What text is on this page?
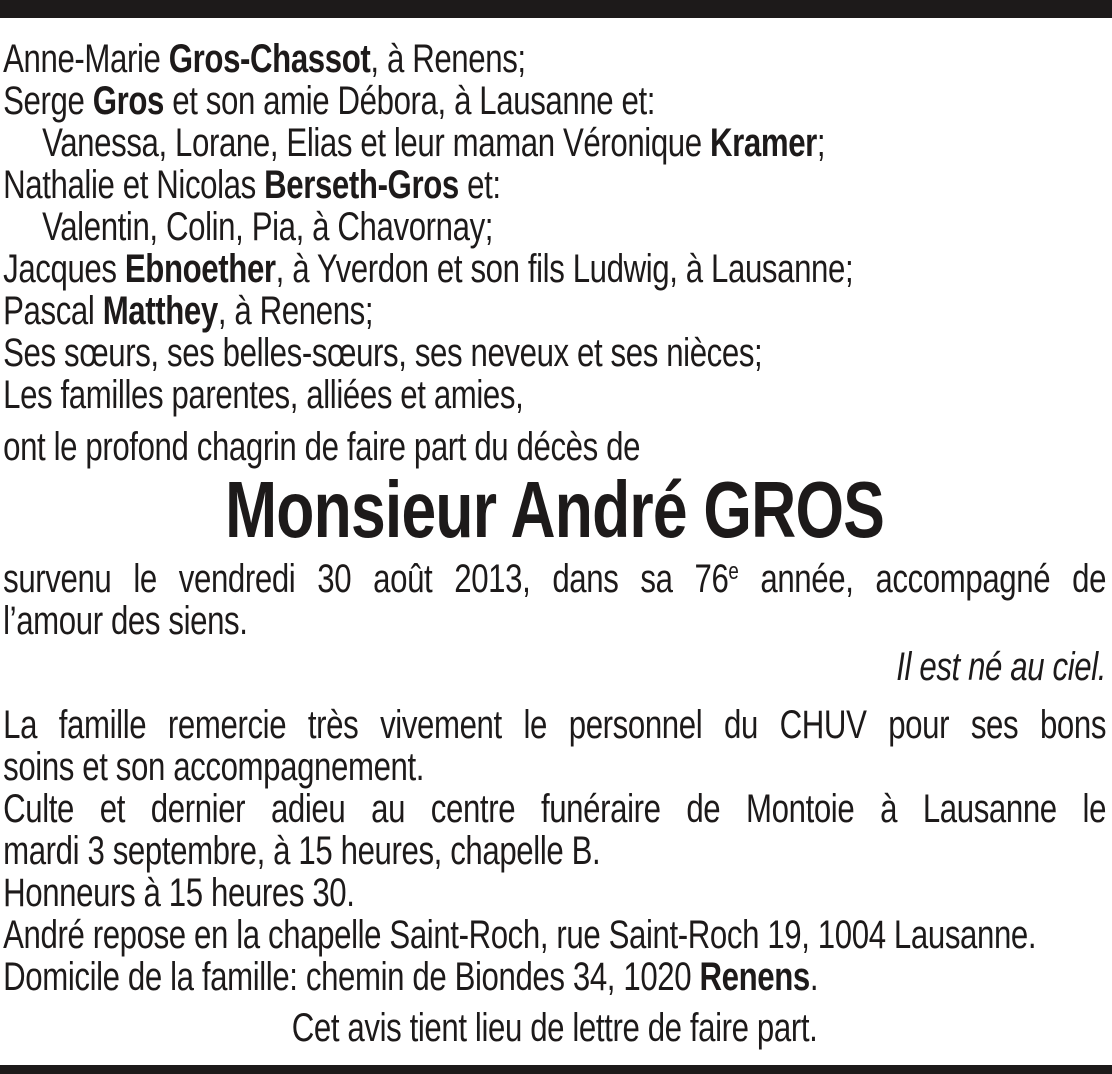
Anne-Marie Gros-Chassot, à Renens;

Serge Gros et son amie Débora, à Lausanne et:

Vanessa, Lorane, Elias et leur maman Véronique Kramer;

Nathalie et Nicolas Berseth-Gros et:

Valentin, Colin, Pia, à Chavornay;

Jacques Ebnoether, à Yverdon et son fils Ludwig, à Lausanne;

Pascal Matthey, à Renens;

Ses sœurs, ses belles-sœurs, ses neveux et ses nièces;

Les familles parentes, alliées et amies,

ont le profond chagrin de faire part du décès de

Monsieur André GROS

survenu le vendredi 30 août 2013, dans sa 76e année, accompagné de

l’amour des siens.

Il est né au ciel.

La famille remercie très vivement le personnel du CHUV pour ses bons

soins et son accompagnement.

Culte et dernier adieu au centre funéraire de Montoie à Lausanne le

mardi 3 septembre, à 15 heures, chapelle B.

Honneurs à 15 heures 30.

André repose en la chapelle Saint-Roch, rue Saint-Roch 19, 1004 Lausanne.

Domicile de la famille: chemin de Biondes 34, 1020 Renens.

Cet avis tient lieu de lettre de faire part.
